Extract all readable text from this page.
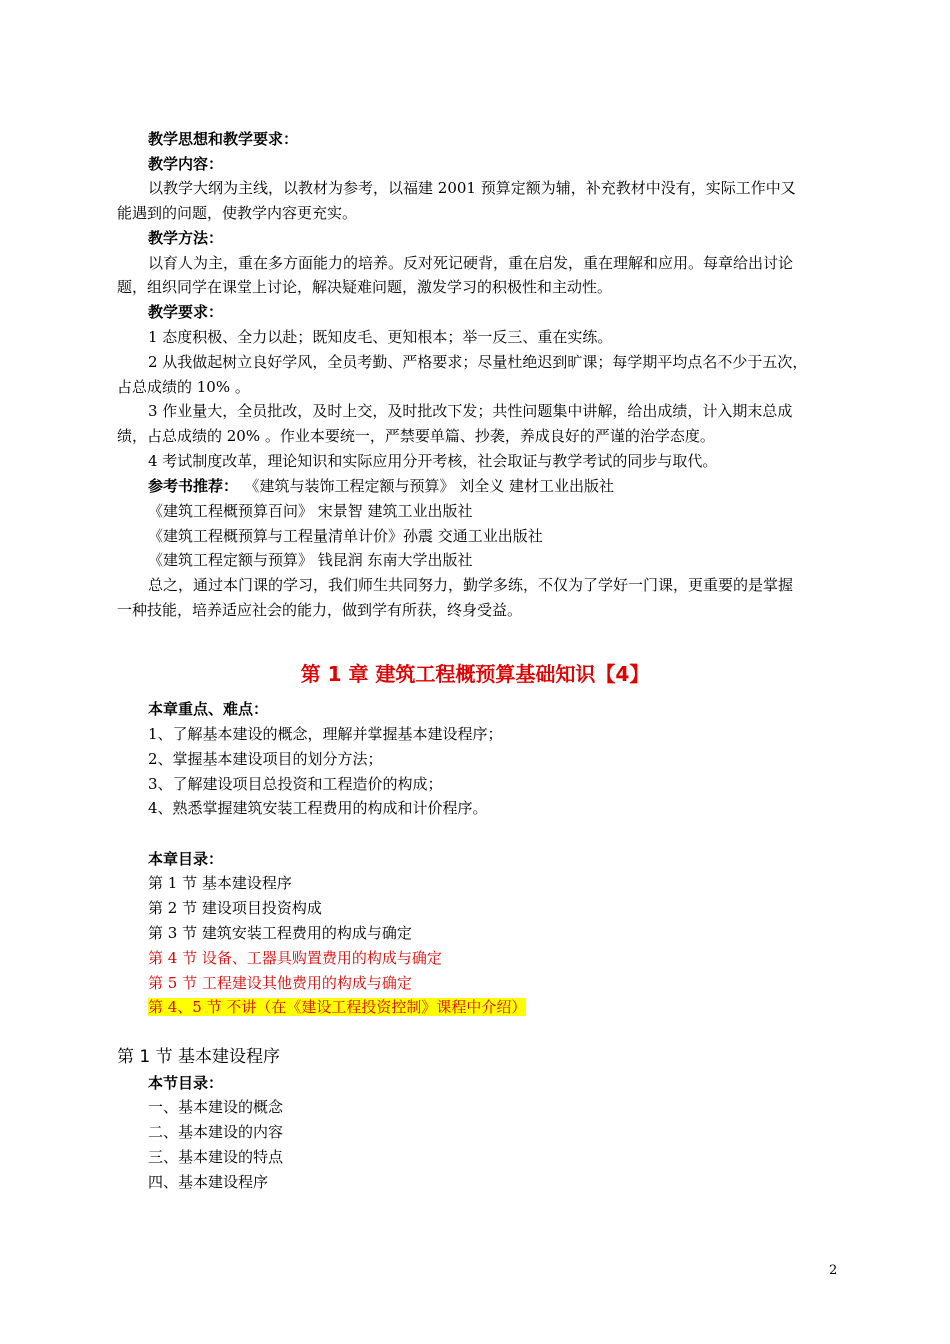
教学思想和教学要求：
教学内容：
以教学大纲为主线，以教材为参考，以福建 2001 预算定额为辅，补充教材中没有，实际工作中又
能遇到的问题，使教学内容更充实。
教学方法：
以育人为主，重在多方面能力的培养。反对死记硬背，重在启发，重在理解和应用。每章给出讨论
题，组织同学在课堂上讨论，解决疑难问题，激发学习的积极性和主动性。
教学要求：
1 态度积极、全力以赴；既知皮毛、更知根本；举一反三、重在实练。
2 从我做起树立良好学风，全员考勤、严格要求；尽量杜绝迟到旷课；每学期平均点名不少于五次，
占总成绩的 10% 。
3 作业量大，全员批改，及时上交，及时批改下发；共性问题集中讲解，给出成绩，计入期末总成
绩，占总成绩的 20% 。作业本要统一，严禁要单篇、抄袭，养成良好的严谨的治学态度。
4 考试制度改革，理论知识和实际应用分开考核，社会取证与教学考试的同步与取代。
参考书推荐： 《建筑与装饰工程定额与预算》 刘全义 建材工业出版社
《建筑工程概预算百问》 宋景智 建筑工业出版社
《建筑工程概预算与工程量清单计价》孙震 交通工业出版社
《建筑工程定额与预算》 钱昆润 东南大学出版社
总之，通过本门课的学习，我们师生共同努力，勤学多练，不仅为了学好一门课，更重要的是掌握
一种技能，培养适应社会的能力，做到学有所获，终身受益。
第 1 章 建筑工程概预算基础知识【4】
本章重点、难点：
1、了解基本建设的概念，理解并掌握基本建设程序；
2、掌握基本建设项目的划分方法；
3、了解建设项目总投资和工程造价的构成；
4、熟悉掌握建筑安装工程费用的构成和计价程序。
本章目录：
第 1 节 基本建设程序
第 2 节 建设项目投资构成
第 3 节 建筑安装工程费用的构成与确定
第 4 节 设备、工器具购置费用的构成与确定
第 5 节 工程建设其他费用的构成与确定
第 4、5 节 不讲（在《建设工程投资控制》课程中介绍）
第 1 节 基本建设程序
本节目录：
一、基本建设的概念
二、基本建设的内容
三、基本建设的特点
四、基本建设程序
2
